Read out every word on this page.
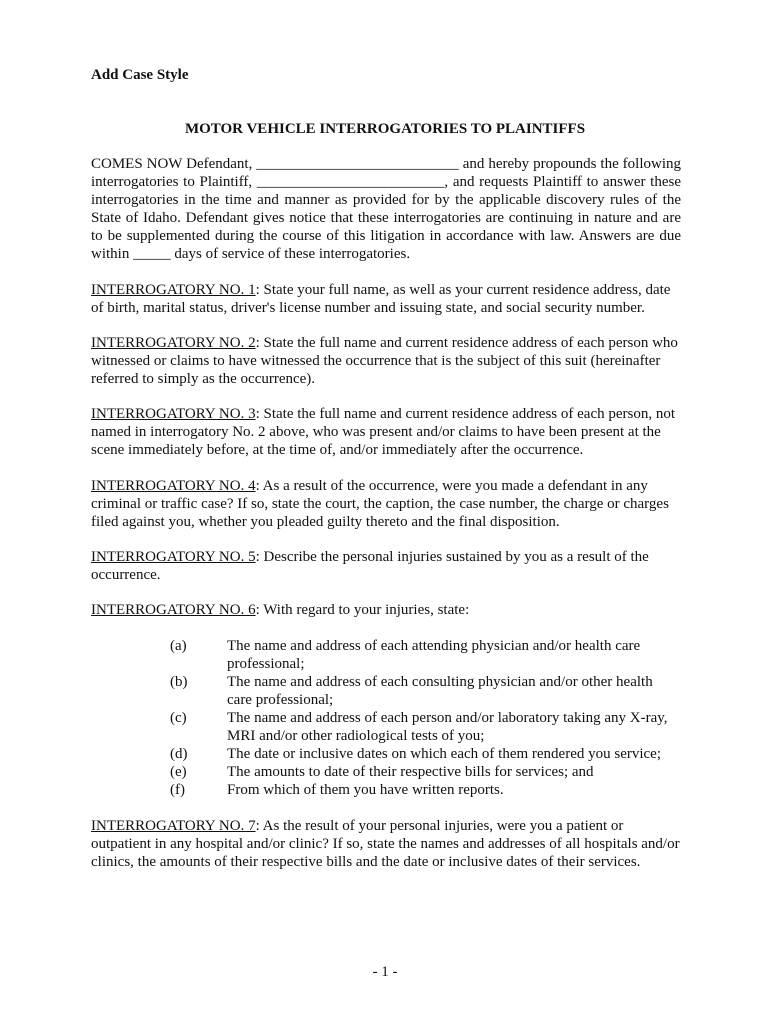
Add Case Style
MOTOR VEHICLE INTERROGATORIES TO PLAINTIFFS
COMES NOW Defendant, ___________________________ and hereby propounds the following
interrogatories to Plaintiff, _________________________, and requests Plaintiff to answer these
interrogatories in the time and manner as provided for by the applicable discovery rules of the
State of Idaho. Defendant gives notice that these interrogatories are continuing in nature and are
to be supplemented during the course of this litigation in accordance with law. Answers are due
within _____ days of service of these interrogatories.
INTERROGATORY NO. 1: State your full name, as well as your current residence address, date of birth, marital status, driver's license number and issuing state, and social security number.
INTERROGATORY NO. 2: State the full name and current residence address of each person who witnessed or claims to have witnessed the occurrence that is the subject of this suit (hereinafter referred to simply as the occurrence).
INTERROGATORY NO. 3: State the full name and current residence address of each person, not named in interrogatory No. 2 above, who was present and/or claims to have been present at the scene immediately before, at the time of, and/or immediately after the occurrence.
INTERROGATORY NO. 4: As a result of the occurrence, were you made a defendant in any criminal or traffic case? If so, state the court, the caption, the case number, the charge or charges filed against you, whether you pleaded guilty thereto and the final disposition.
INTERROGATORY NO. 5: Describe the personal injuries sustained by you as a result of the occurrence.
INTERROGATORY NO. 6: With regard to your injuries, state:
(a)	The name and address of each attending physician and/or health care professional;
(b)	The name and address of each consulting physician and/or other health care professional;
(c)	The name and address of each person and/or laboratory taking any X-ray, MRI and/or other radiological tests of you;
(d)	The date or inclusive dates on which each of them rendered you service;
(e)	The amounts to date of their respective bills for services; and
(f)	From which of them you have written reports.
INTERROGATORY NO. 7: As the result of your personal injuries, were you a patient or outpatient in any hospital and/or clinic? If so, state the names and addresses of all hospitals and/or clinics, the amounts of their respective bills and the date or inclusive dates of their services.
- 1 -
